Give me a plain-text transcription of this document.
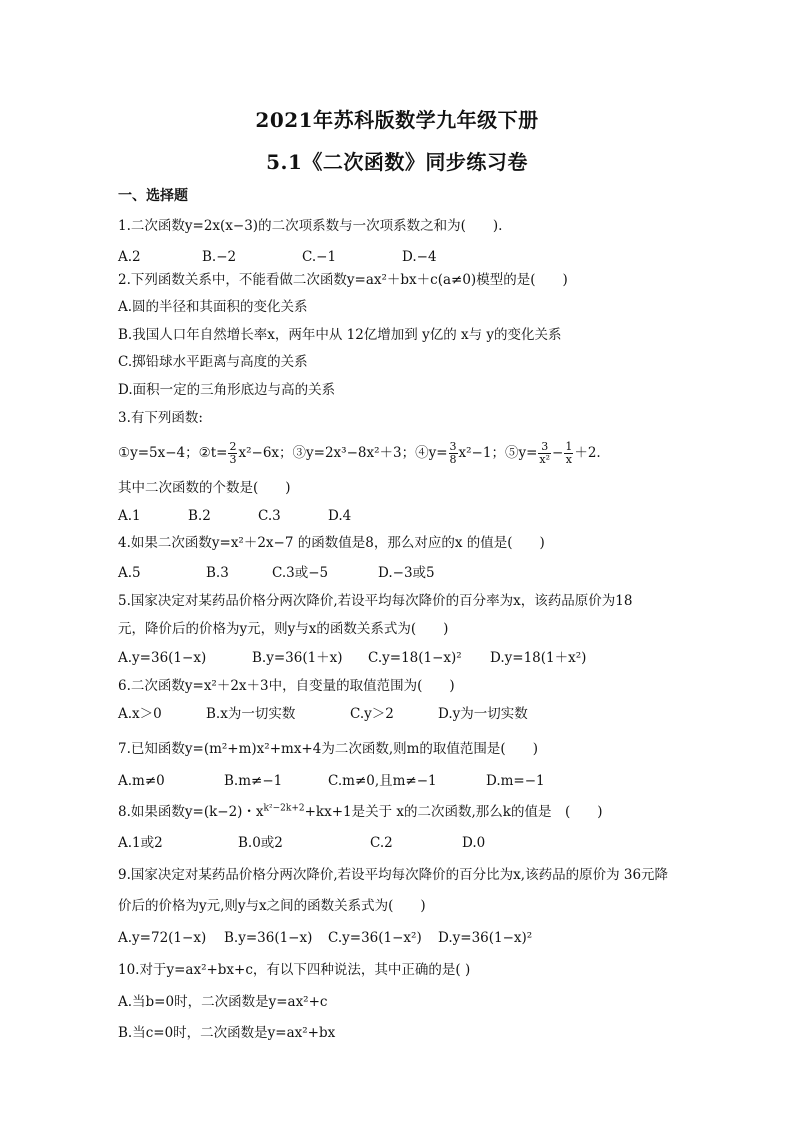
2021年苏科版数学九年级下册
5.1《二次函数》同步练习卷
一、选择题
1.二次函数y=2x(x−3)的二次项系数与一次项系数之和为(　　).
A.2	B.−2	C.−1	D.−4
2.下列函数关系中，不能看做二次函数y=ax²＋bx＋c(a≠0)模型的是(　　)
A.圆的半径和其面积的变化关系
B.我国人口年自然增长率x，两年中从 12亿增加到 y亿的 x与 y的变化关系
C.掷铅球水平距离与高度的关系
D.面积一定的三角形底边与高的关系
3.有下列函数:
①y=5x−4；②t= $\frac{2}{3} x^2-6x$；③y=2x³−8x²＋3；④y= $\frac{3}{8} x^2-1$；⑤y= $\frac{3}{\text{x²}} - \frac{1}{x} +2$.
其中二次函数的个数是(　　)
A.1	B.2	C.3	D.4
4.如果二次函数y=x²＋2x−7 的函数值是8，那么对应的x 的值是(　　)
A.5	B.3	C.3或−5	D.−3或5
5.国家决定对某药品价格分两次降价,若设平均每次降价的百分率为x，该药品原价为18
元，降价后的价格为y元，则y与x的函数关系式为(　　)
A.y=36(1−x)	B.y=36(1＋x) C.y=18(1−x)² D.y=18(1＋x²)
6.二次函数y=x²＋2x＋3中，自变量的取值范围为(　　)
A.x＞0	B.x为一切实数	C.y＞2	D.y为一切实数
7.已知函数y=(m²+m)x²+mx+4为二次函数,则m的取值范围是(　　)
A.m≠0	B.m≠−1	C.m≠0,且m≠−1	D.m=−1
8.如果函数y=(k−2)・$x^{k^2-2k+2}+kx+1$是关于 x的二次函数,那么k的值是　(　　)
A.1或2	B.0或2	C.2	D.0
9.国家决定对某药品价格分两次降价,若设平均每次降价的百分比为x,该药品的原价为 36元降
价后的价格为y元,则y与x之间的函数关系式为(　　)
A.y=72(1−x) B.y=36(1−x) C.y=36(1−x²) D.y=36(1−x)²
10.对于y=ax²+bx+c，有以下四种说法，其中正确的是( )
A.当b=0时，二次函数是y=ax²+c
B.当c=0时，二次函数是y=ax²+bx
